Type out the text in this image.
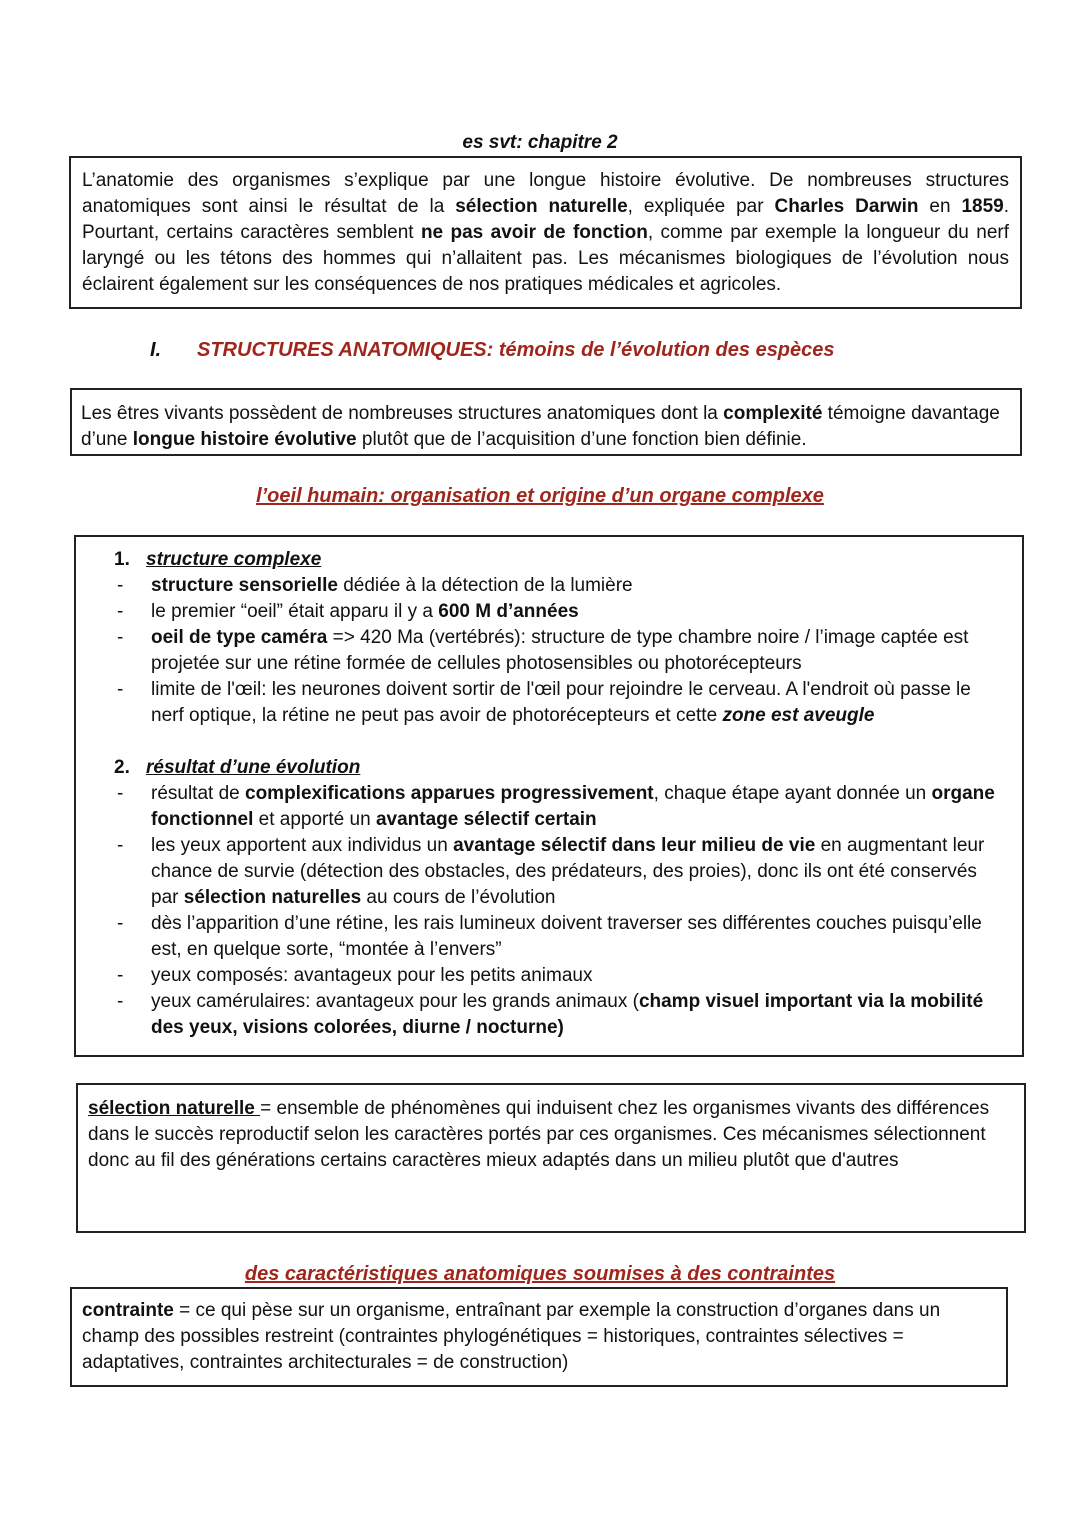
es svt: chapitre 2
L’anatomie des organismes s’explique par une longue histoire évolutive. De nombreuses structures anatomiques sont ainsi le résultat de la sélection naturelle, expliquée par Charles Darwin en 1859. Pourtant, certains caractères semblent ne pas avoir de fonction, comme par exemple la longueur du nerf laryngé ou les tétons des hommes qui n’allaitent pas. Les mécanismes biologiques de l’évolution nous éclairent également sur les conséquences de nos pratiques médicales et agricoles.
I. STRUCTURES ANATOMIQUES: témoins de l’évolution des espèces
Les êtres vivants possèdent de nombreuses structures anatomiques dont la complexité témoigne davantage d’une longue histoire évolutive plutôt que de l’acquisition d’une fonction bien définie.
l’oeil humain: organisation et origine d’un organe complexe
1. structure complexe
- structure sensorielle dédiée à la détection de la lumière
- le premier “oeil” était apparu il y a 600 M d’années
- oeil de type caméra => 420 Ma (vertébrés): structure de type chambre noire / l’image captée est projetée sur une rétine formée de cellules photosensibles ou photorécepteurs
- limite de l'œil: les neurones doivent sortir de l'œil pour rejoindre le cerveau. A l'endroit où passe le nerf optique, la rétine ne peut pas avoir de photorécepteurs et cette zone est aveugle
2. résultat d’une évolution
- résultat de complexifications apparues progressivement, chaque étape ayant donnée un organe fonctionnel et apporté un avantage sélectif certain
- les yeux apportent aux individus un avantage sélectif dans leur milieu de vie en augmentant leur chance de survie (détection des obstacles, des prédateurs, des proies), donc ils ont été conservés par sélection naturelles au cours de l’évolution
- dès l’apparition d’une rétine, les rais lumineux doivent traverser ses différentes couches puisqu’elle est, en quelque sorte, “montée à l’envers”
- yeux composés: avantageux pour les petits animaux
- yeux camérulaires: avantageux pour les grands animaux (champ visuel important via la mobilité des yeux, visions colorées, diurne / nocturne)
sélection naturelle = ensemble de phénomènes qui induisent chez les organismes vivants des différences dans le succès reproductif selon les caractères portés par ces organismes. Ces mécanismes sélectionnent donc au fil des générations certains caractères mieux adaptés dans un milieu plutôt que d'autres
des caractéristiques anatomiques soumises à des contraintes
contrainte = ce qui pèse sur un organisme, entraînant par exemple la construction d’organes dans un champ des possibles restreint (contraintes phylogénétiques = historiques, contraintes sélectives = adaptatives, contraintes architecturales = de construction)
